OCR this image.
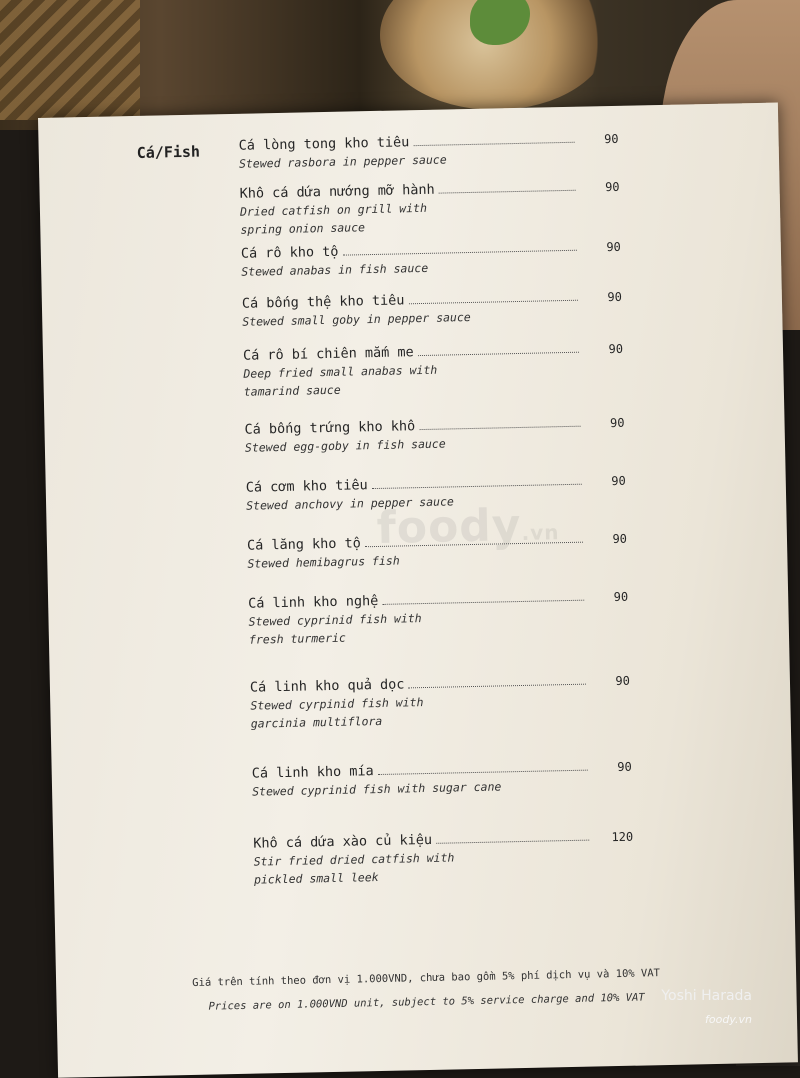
Cá/Fish	Cá lòng tong kho tiêu	90
Stewed rasbora in pepper sauce
Khô cá dứa nướng mỡ hành	90
Dried catfish on grill with
spring onion sauce
Cá rô kho tộ	90
Stewed anabas in fish sauce
Cá bống thệ kho tiêu	90
Stewed small goby in pepper sauce
Cá rô bí chiên mắm me	90
Deep fried small anabas with
tamarind sauce
Cá bống trứng kho khô	90
Stewed egg-goby in fish sauce
Cá cơm kho tiêu	90
Stewed anchovy in pepper sauce
Cá lăng kho tộ	90
Stewed hemibagrus fish
Cá linh kho nghệ	90
Stewed cyprinid fish with
fresh turmeric
Cá linh kho quả dọc	90
Stewed cyrpinid fish with
garcinia multiflora
Cá linh kho mía	90
Stewed cyprinid fish with sugar cane
Khô cá dứa xào củ kiệu	120
Stir fried dried catfish with
pickled small leek
foody.vn
Giá trên tính theo đơn vị 1.000VND, chưa bao gồm 5% phí dịch vụ và 10% VAT
Prices are on 1.000VND unit, subject to 5% service charge and 10% VAT	Yoshi Harada
foody.vn
